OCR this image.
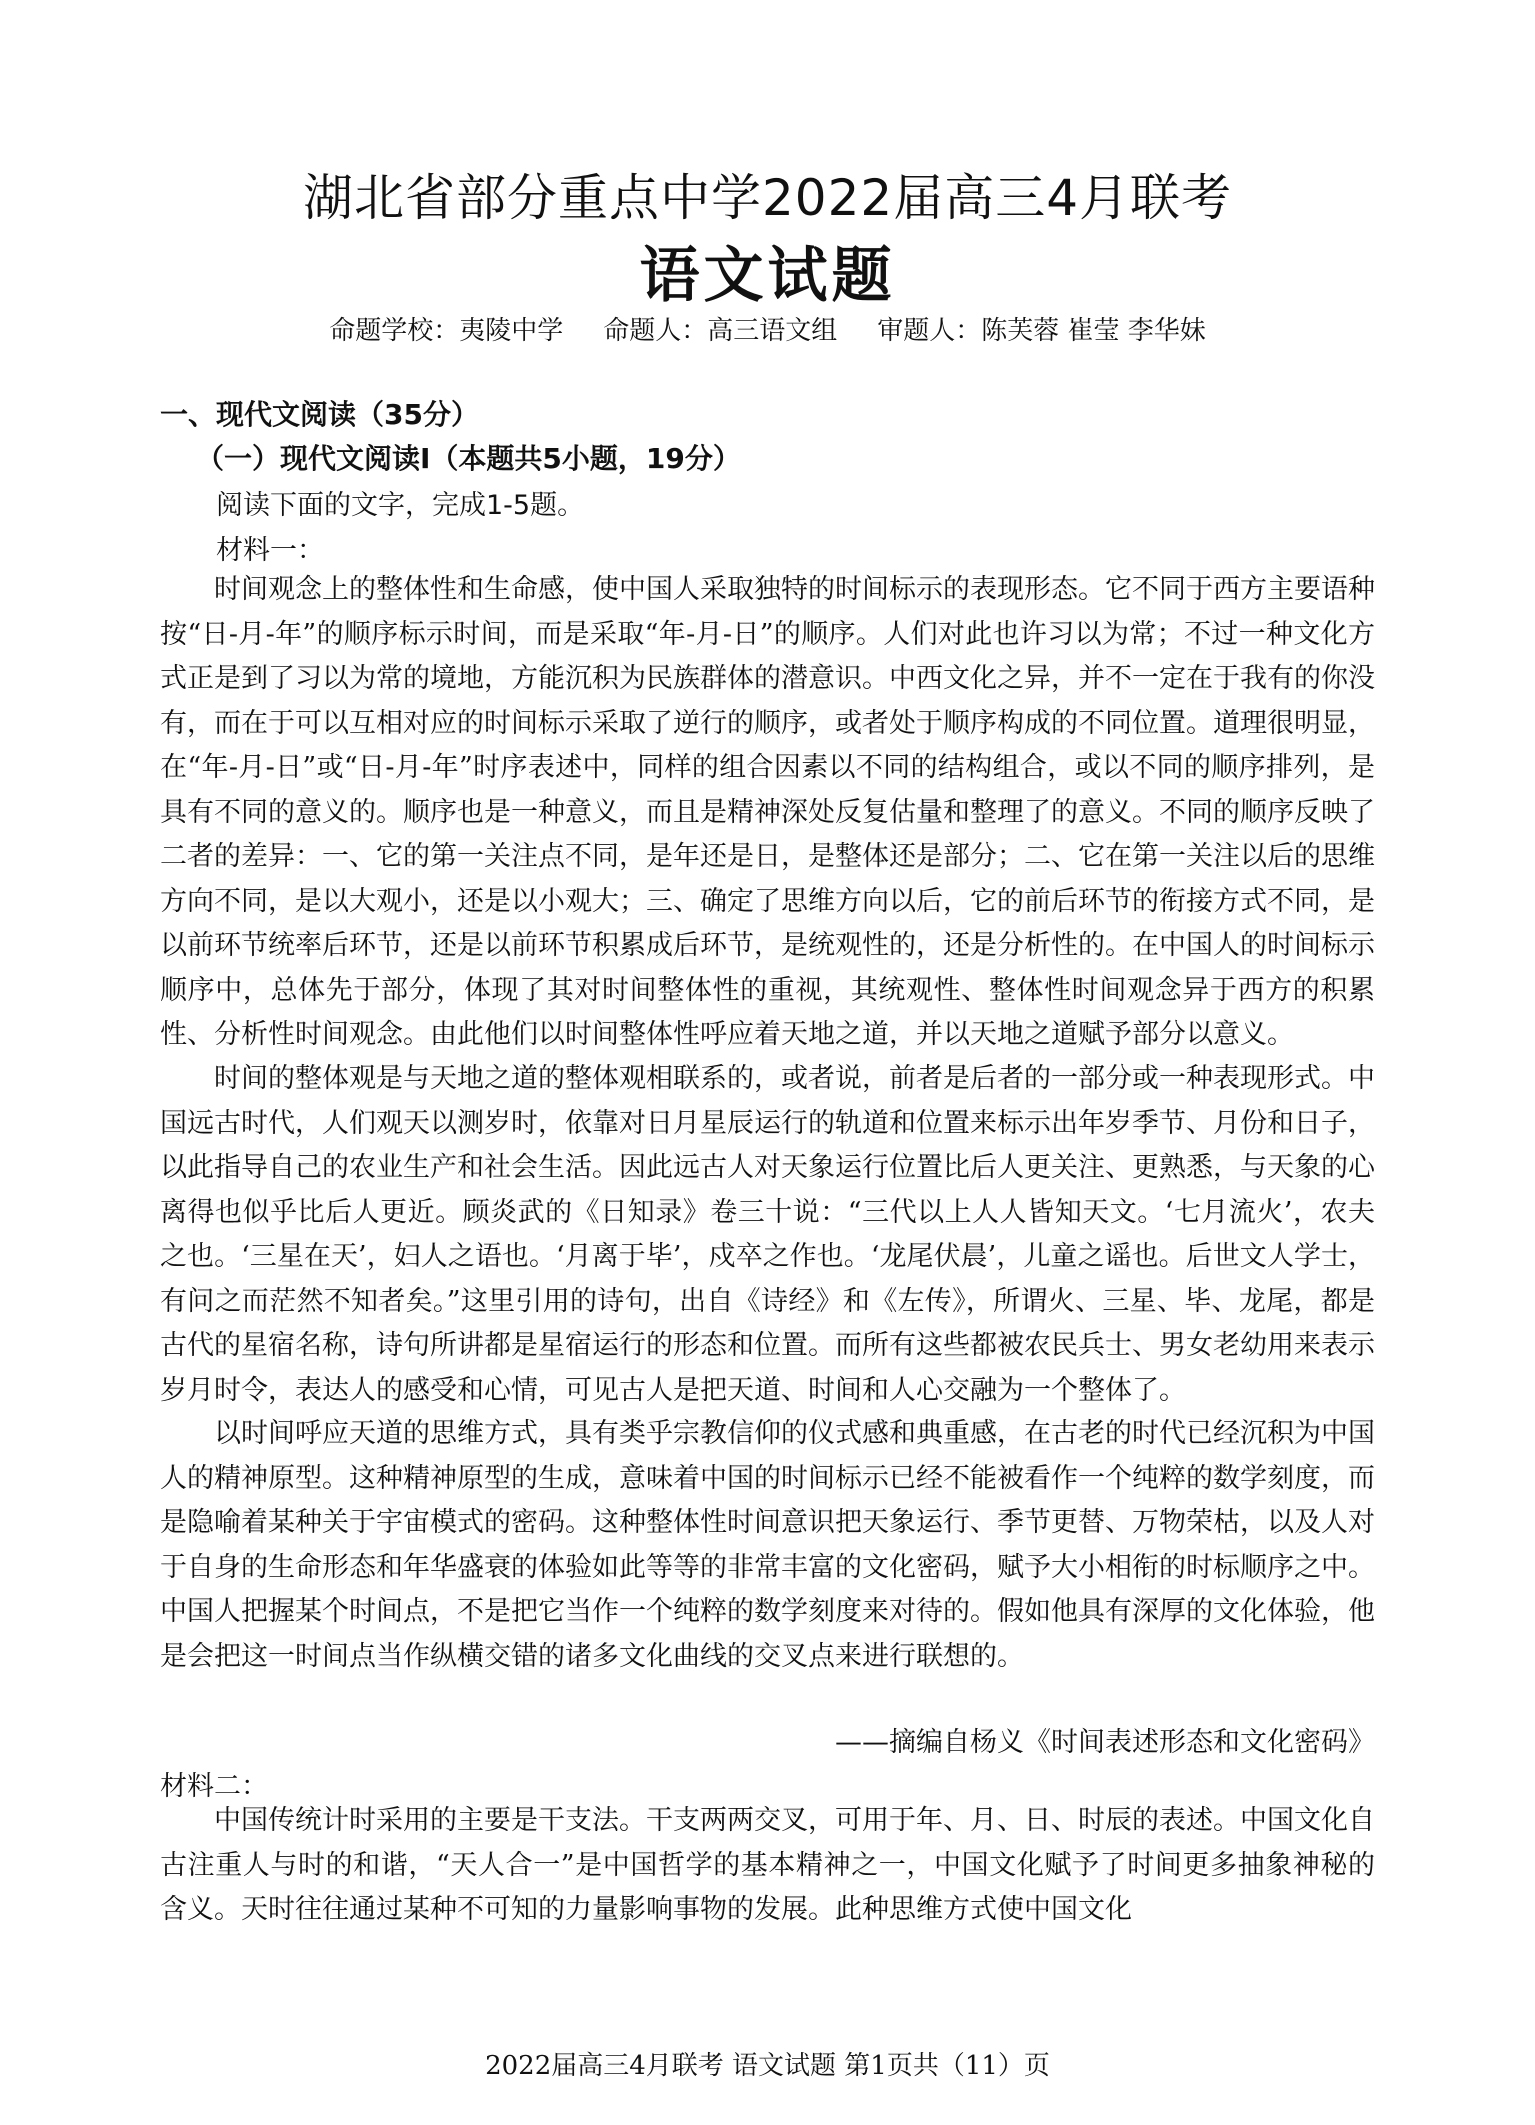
湖北省部分重点中学2022届高三4月联考
语文试题
命题学校：夷陵中学 命题人：高三语文组 审题人：陈芙蓉 崔莹 李华妹
一、现代文阅读（35分）
（一）现代文阅读Ⅰ（本题共5小题，19分）
阅读下面的文字，完成1-5题。
材料一：

时间观念上的整体性和生命感，使中国人采取独特的时间标示的表现形态。它不同于西方主要语种按“日-月-年”的顺序标示时间，而是采取“年-月-日”的顺序。人们对此也许习以为常；不过一种文化方式正是到了习以为常的境地，方能沉积为民族群体的潜意识。中西文化之异，并不一定在于我有的你没有，而在于可以互相对应的时间标示采取了逆行的顺序，或者处于顺序构成的不同位置。道理很明显，在“年-月-日”或“日-月-年”时序表述中，同样的组合因素以不同的结构组合，或以不同的顺序排列，是具有不同的意义的。顺序也是一种意义，而且是精神深处反复估量和整理了的意义。不同的顺序反映了二者的差异：一、它的第一关注点不同，是年还是日，是整体还是部分；二、它在第一关注以后的思维方向不同，是以大观小，还是以小观大；三、确定了思维方向以后，它的前后环节的衔接方式不同，是以前环节统率后环节，还是以前环节积累成后环节，是统观性的，还是分析性的。在中国人的时间标示顺序中，总体先于部分，体现了其对时间整体性的重视，其统观性、整体性时间观念异于西方的积累性、分析性时间观念。由此他们以时间整体性呼应着天地之道，并以天地之道赋予部分以意义。

时间的整体观是与天地之道的整体观相联系的，或者说，前者是后者的一部分或一种表现形式。中国远古时代，人们观天以测岁时，依靠对日月星辰运行的轨道和位置来标示出年岁季节、月份和日子，以此指导自己的农业生产和社会生活。因此远古人对天象运行位置比后人更关注、更熟悉，与天象的心离得也似乎比后人更近。顾炎武的《日知录》卷三十说：“三代以上人人皆知天文。‘七月流火’，农夫之也。‘三星在天’，妇人之语也。‘月离于毕’，戍卒之作也。‘龙尾伏晨’，儿童之谣也。后世文人学士，有问之而茫然不知者矣。”这里引用的诗句，出自《诗经》和《左传》，所谓火、三星、毕、龙尾，都是古代的星宿名称，诗句所讲都是星宿运行的形态和位置。而所有这些都被农民兵士、男女老幼用来表示岁月时令，表达人的感受和心情，可见古人是把天道、时间和人心交融为一个整体了。

以时间呼应天道的思维方式，具有类乎宗教信仰的仪式感和典重感，在古老的时代已经沉积为中国人的精神原型。这种精神原型的生成，意味着中国的时间标示已经不能被看作一个纯粹的数学刻度，而是隐喻着某种关于宇宙模式的密码。这种整体性时间意识把天象运行、季节更替、万物荣枯，以及人对于自身的生命形态和年华盛衰的体验如此等等的非常丰富的文化密码，赋予大小相衔的时标顺序之中。中国人把握某个时间点，不是把它当作一个纯粹的数学刻度来对待的。假如他具有深厚的文化体验，他是会把这一时间点当作纵横交错的诸多文化曲线的交叉点来进行联想的。

——摘编自杨义《时间表述形态和文化密码》
材料二：

中国传统计时采用的主要是干支法。干支两两交叉，可用于年、月、日、时辰的表述。中国文化自古注重人与时的和谐，“天人合一”是中国哲学的基本精神之一，中国文化赋予了时间更多抽象神秘的含义。天时往往通过某种不可知的力量影响事物的发展。此种思维方式使中国文化

2022届高三4月联考 语文试题 第1页共（11）页
